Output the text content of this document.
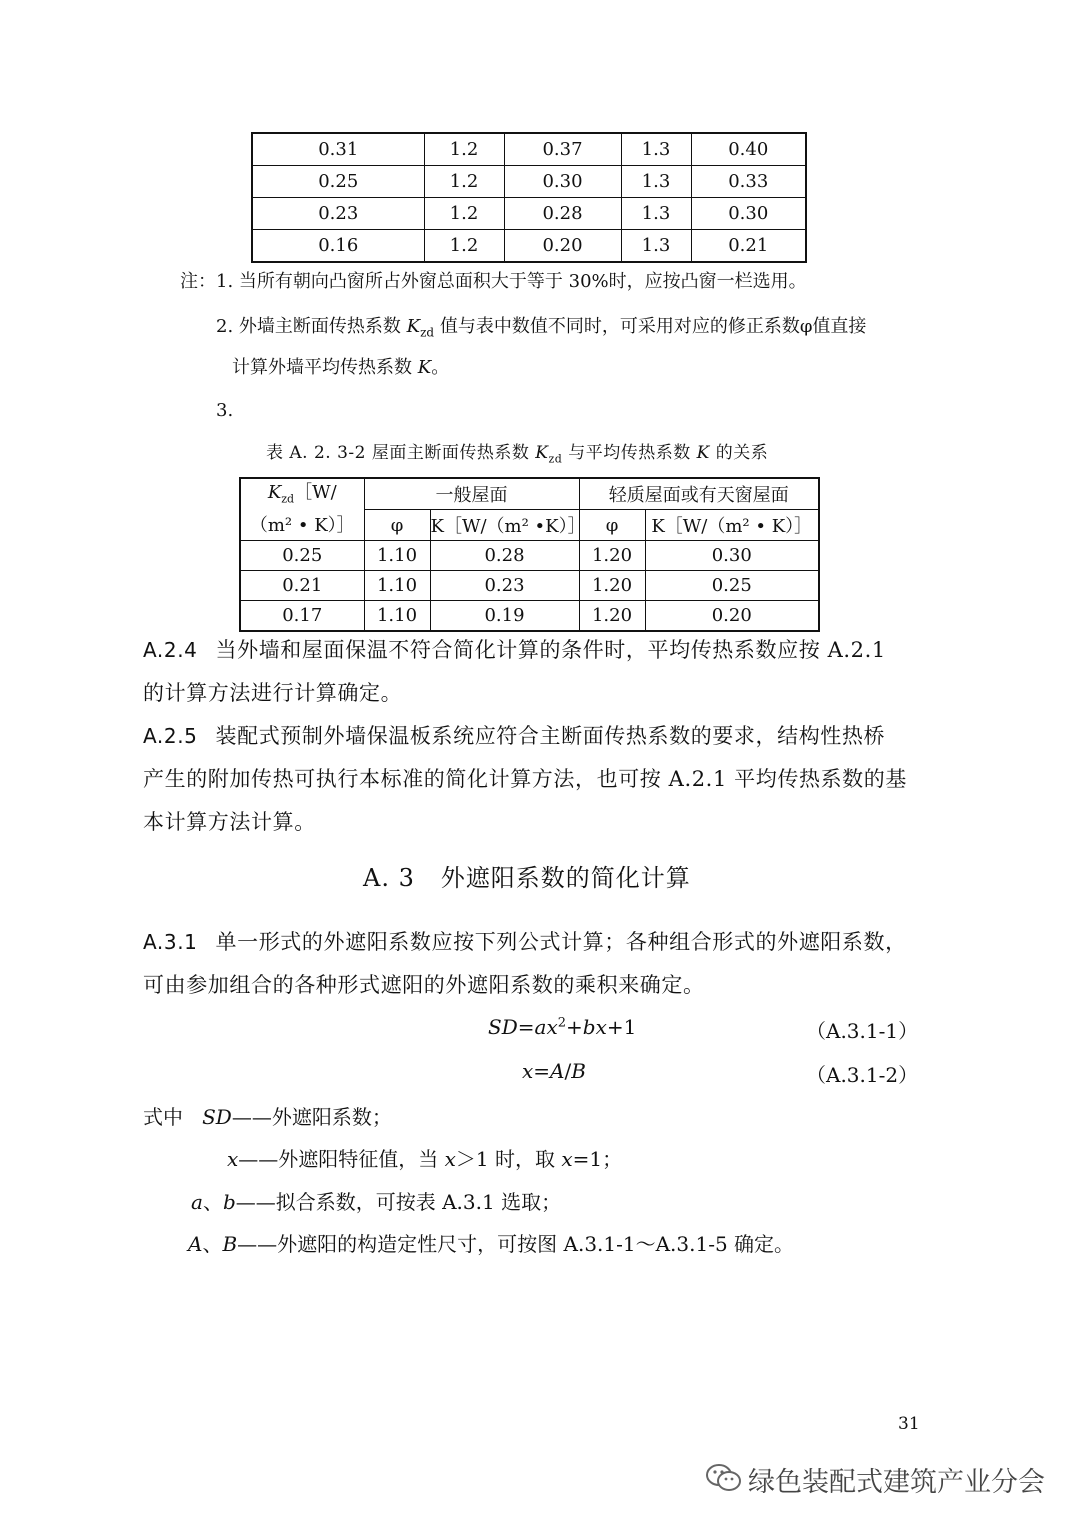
0.31	1.2	0.37	1.3	0.40
0.25	1.2	0.30	1.3	0.33
0.23	1.2	0.28	1.3	0.30
0.16	1.2	0.20	1.3	0.21
注：1. 当所有朝向凸窗所占外窗总面积大于等于 30%时，应按凸窗一栏选用。
2. 外墙主断面传热系数 $K_{zd}$ 值与表中数值不同时，可采用对应的修正系数φ值直接
计算外墙平均传热系数 K。
3.
表 A. 2. 3-2 屋面主断面传热系数 $K_{zd}$ 与平均传热系数 K 的关系
$K_{zd}[W/$
（m² • K）］	一般屋面		轻质屋面或有天窗屋面	
	φ	K［W/（m² •K）］	φ	K［W/（m² • K）］
0.25	1.10	0.28	1.20	0.30
0.21	1.10	0.23	1.20	0.25
0.17	1.10	0.19	1.20	0.20
A.2.4 当外墙和屋面保温不符合简化计算的条件时，平均传热系数应按 A.2.1
的计算方法进行计算确定。
A.2.5 装配式预制外墙保温板系统应符合主断面传热系数的要求，结构性热桥
产生的附加传热可执行本标准的简化计算方法，也可按 A.2.1 平均传热系数的基
本计算方法计算。
A. 3 外遮阳系数的简化计算
A.3.1 单一形式的外遮阳系数应按下列公式计算；各种组合形式的外遮阳系数，
可由参加组合的各种形式遮阳的外遮阳系数的乘积来确定。
$SD=ax^2+bx+1$	（A.3.1-1）
x=A/B	（A.3.1-2）
式中 SD——外遮阳系数；
x——外遮阳特征值，当 x＞1 时，取 x=1；
a、b——拟合系数，可按表 A.3.1 选取；
A、B——外遮阳的构造定性尺寸，可按图 A.3.1-1～A.3.1-5 确定。
31
绿色装配式建筑产业分会
